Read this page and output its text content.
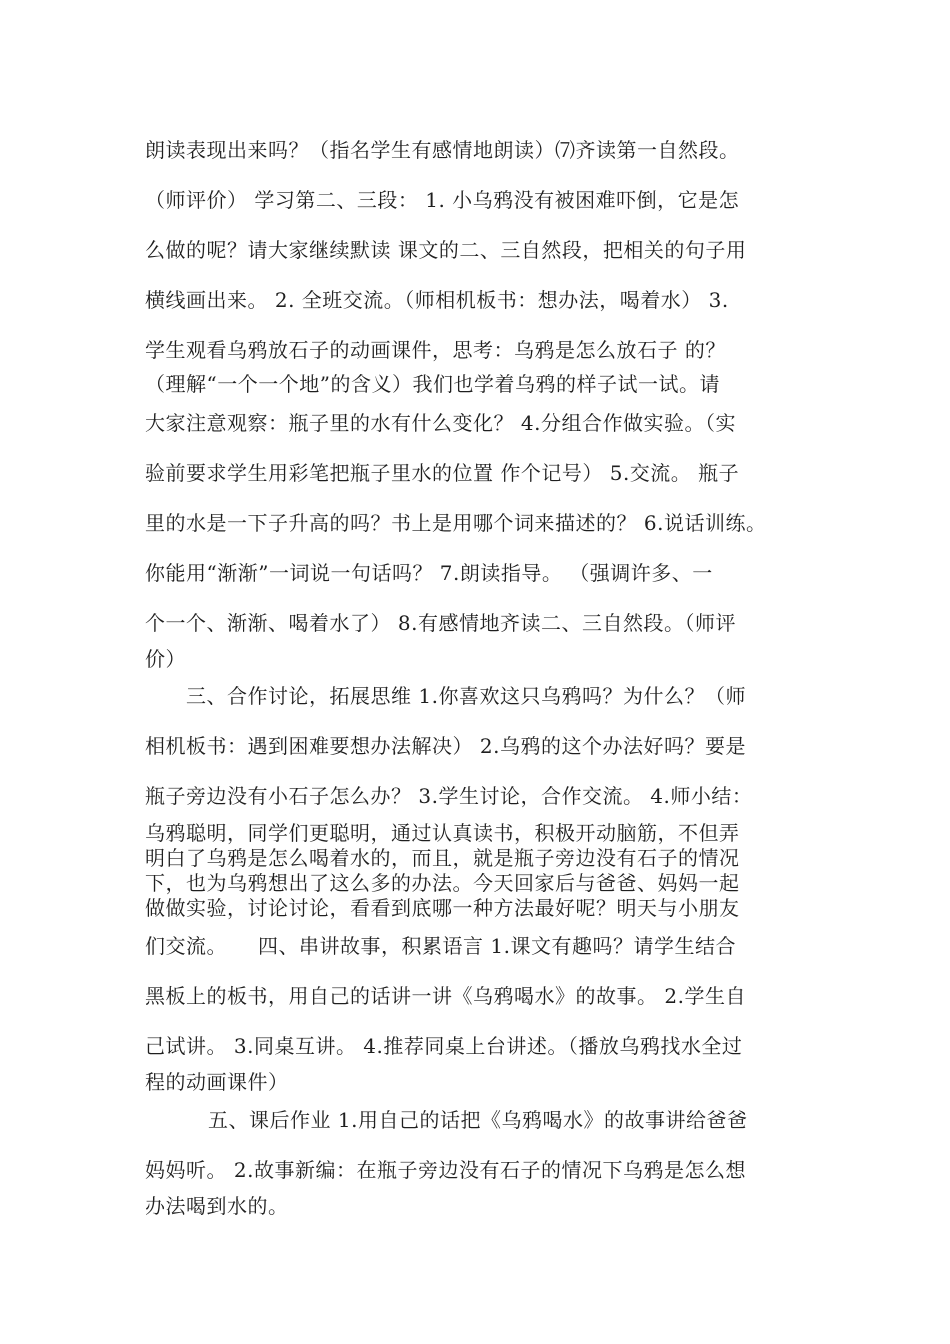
朗读表现出来吗？（指名学生有感情地朗读）⑺齐读第一自然段。
（师评价） 学习第二、三段： 1. 小乌鸦没有被困难吓倒，它是怎
么做的呢？请大家继续默读 课文的二、三自然段，把相关的句子用
横线画出来。 2. 全班交流。（师相机板书：想办法，喝着水） 3.
学生观看乌鸦放石子的动画课件，思考：乌鸦是怎么放石子 的？
（理解“一个一个地”的含义）我们也学着乌鸦的样子试一试。请
大家注意观察：瓶子里的水有什么变化？ 4.分组合作做实验。（实
验前要求学生用彩笔把瓶子里水的位置 作个记号） 5.交流。 瓶子
里的水是一下子升高的吗？书上是用哪个词来描述的？ 6.说话训练。
你能用“渐渐”一词说一句话吗？ 7.朗读指导。 （强调许多、一
个一个、渐渐、喝着水了） 8.有感情地齐读二、三自然段。（师评
价）
三、合作讨论，拓展思维 1.你喜欢这只乌鸦吗？为什么？（师
相机板书：遇到困难要想办法解决） 2.乌鸦的这个办法好吗？要是
瓶子旁边没有小石子怎么办？ 3.学生讨论，合作交流。 4.师小结：
乌鸦聪明，同学们更聪明，通过认真读书，积极开动脑筋，不但弄
明白了乌鸦是怎么喝着水的，而且，就是瓶子旁边没有石子的情况
下，也为乌鸦想出了这么多的办法。今天回家后与爸爸、妈妈一起
做做实验，讨论讨论，看看到底哪一种方法最好呢？明天与小朋友
们交流。　　四、串讲故事，积累语言 1.课文有趣吗？请学生结合
黑板上的板书，用自己的话讲一讲《乌鸦喝水》的故事。 2.学生自
己试讲。 3.同桌互讲。 4.推荐同桌上台讲述。（播放乌鸦找水全过
程的动画课件）
五、课后作业 1.用自己的话把《乌鸦喝水》的故事讲给爸爸
妈妈听。 2.故事新编：在瓶子旁边没有石子的情况下乌鸦是怎么想
办法喝到水的。
